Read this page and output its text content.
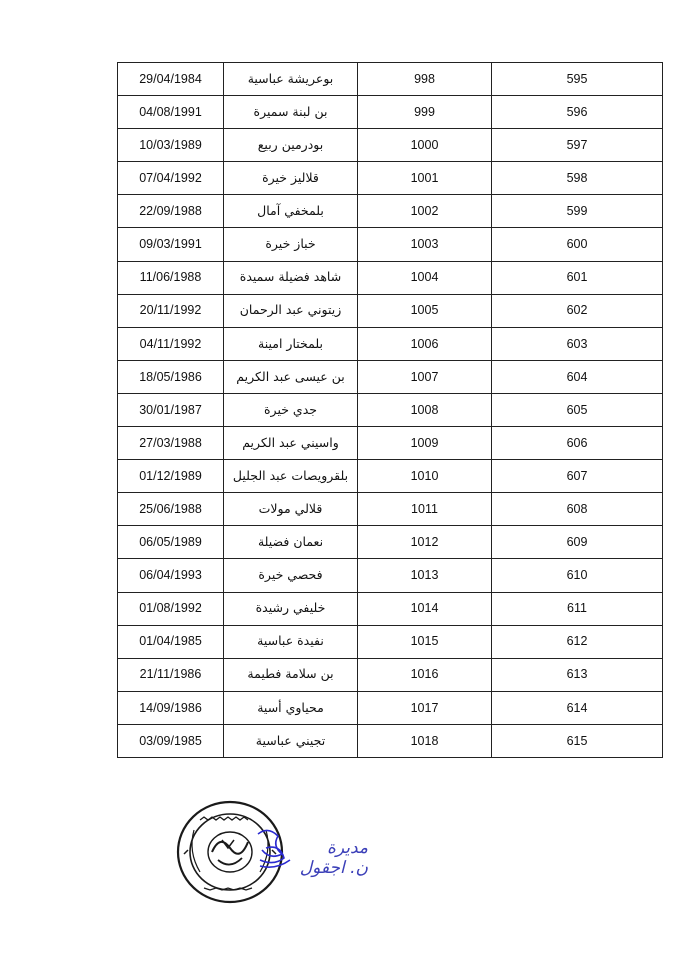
29/04/1984	بوعريشة عباسية	998	595
04/08/1991	بن لبنة سميرة	999	596
10/03/1989	بودرمين ربيع	1000	597
07/04/1992	قلاليز خيرة	1001	598
22/09/1988	بلمخفي آمال	1002	599
09/03/1991	خباز خيرة	1003	600
11/06/1988	شاهد فضيلة سميدة	1004	601
20/11/1992	زيتوني عبد الرحمان	1005	602
04/11/1992	بلمختار امينة	1006	603
18/05/1986	بن عيسى عبد الكريم	1007	604
30/01/1987	جدي خيرة	1008	605
27/03/1988	واسيني عبد الكريم	1009	606
01/12/1989	بلقرويصات عبد الجليل	1010	607
25/06/1988	قلالي مولات	1011	608
06/05/1989	نعمان فضيلة	1012	609
06/04/1993	فحصي خيرة	1013	610
01/08/1992	خليفي رشيدة	1014	611
01/04/1985	نفيدة عباسية	1015	612
21/11/1986	بن سلامة فطيمة	1016	613
14/09/1986	محياوي أسية	1017	614
03/09/1985	تجيني عباسية	1018	615
مديرة
ن. اجقول
